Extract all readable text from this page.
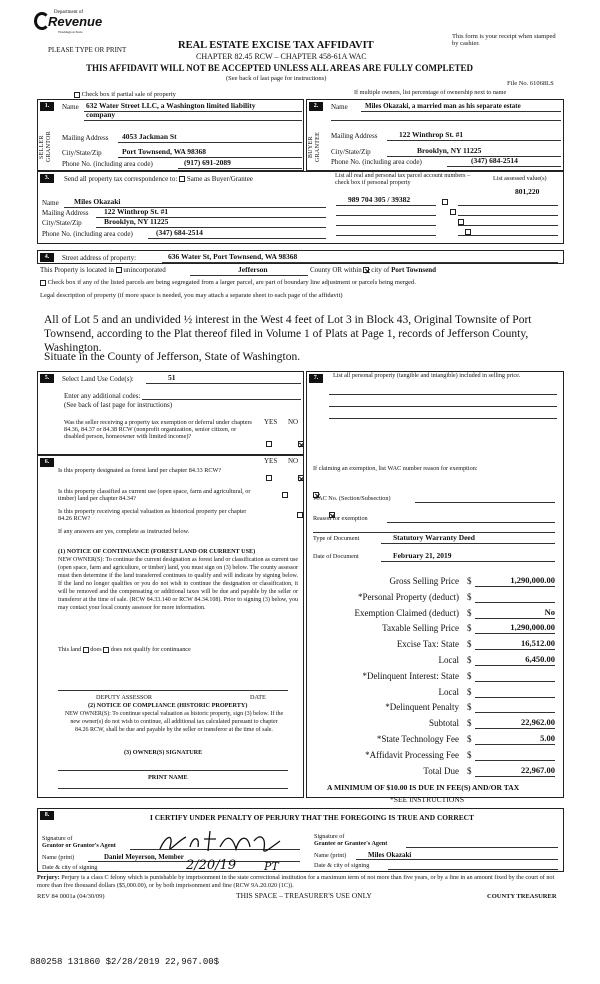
Department of
Revenue
Washington State
PLEASE TYPE OR PRINT	REAL ESTATE EXCISE TAX AFFIDAVIT
CHAPTER 82.45 RCW – CHAPTER 458-61A WAC
THIS AFFIDAVIT WILL NOT BE ACCEPTED UNLESS ALL AREAS ARE FULLY COMPLETED
(See back of last page for instructions)
This form is your receipt when stamped by cashier.
File No. 61068LS
Check box if partial sale of property	If multiple owners, list percentage of ownership next to name
1.
SELLER GRANTOR
Name 632 Water Street LLC, a Washington limited liability company
Mailing Address 4053 Jackman St
City/State/Zip	Port Townsend, WA 98368
Phone No. (including area code)	(917) 691-2089
2.
BUYER GRANTEE
Name Miles Okazaki, a married man as his separate estate
Mailing Address	122 Winthrop St. #1
City/State/Zip	Brooklyn, NY 11225
Phone No. (including area code)	(347) 684-2514
3.	Send all property tax correspondence to: Same as Buyer/Grantee	List all real and personal tax parcel account numbers – check box if personal property
List assessed value(s)
801,220
Name Miles Okazaki
Mailing Address 122 Winthrop St. #1
City/State/Zip	Brooklyn, NY 11225
Phone No. (including area code)	(347) 684-2514
989 704 305 / 39382

4.	Street address of property:	636 Water St, Port Townsend, WA 98368
This Property is located in unincorporated	Jefferson	County OR within city of Port Townsend
Check box if any of the listed parcels are being segregated from a larger parcel, are part of boundary line adjustment or parcels being merged.
Legal description of property (if more space is needed, you may attach a separate sheet to each page of the affidavit)
All of Lot 5 and an undivided ½ interest in the West 4 feet of Lot 3 in Block 43, Original Townsite of Port Townsend, according to the Plat thereof filed in Volume 1 of Plats at Page 1, records of Jefferson County, Washington.
Situate in the County of Jefferson, State of Washington.
5.	Select Land Use Code(s):	51
Enter any additional codes:
(See back of last page for instructions)
YES NO
Was the seller receiving a property tax exemption or deferral under chapters 84.36, 84.37 or 84.38 RCW (nonprofit organization, senior citizen, or disabled person, homeowner with limited income)?

6.	YES NO
Is this property designated as forest land per chapter 84.33 RCW?

Is this property classified as current use (open space, farm and agricultural, or timber) land per chapter 84.34?

Is this property receiving special valuation as historical property per chapter 84.26 RCW?

If any answers are yes, complete as instructed below.
(1) NOTICE OF CONTINUANCE (FOREST LAND OR CURRENT USE)
NEW OWNER(S): To continue the current designation as forest land or classification as current use (open space, farm and agriculture, or timber) land, you must sign on (3) below. The county assessor must then determine if the land transferred continues to qualify and will indicate by signing below. If the land no longer qualifies or you do not wish to continue the designation or classification, it will be removed and the compensating or additional taxes will be due and payable by the seller or transferor at the time of sale. (RCW 84.33.140 or RCW 84.34.108). Prior to signing (3) below, you may contact your local county assessor for more information.
This land does does not qualify for continuance
DEPUTY ASSESSOR	DATE
(2) NOTICE OF COMPLIANCE (HISTORIC PROPERTY)
NEW OWNER(S): To continue special valuation as historic property, sign (3) below. If the new owner(s) do not wish to continue, all additional tax calculated pursuant to chapter 84.26 RCW, shall be due and payable by the seller or transferor at the time of sale.
(3) OWNER(S) SIGNATURE
PRINT NAME
7.	List all personal property (tangible and intangible) included in selling price.
If claiming an exemption, list WAC number reason for exemption:
WAC No. (Section/Subsection)
Reason for exemption
Type of Document	Statutory Warranty Deed
Date of Document	February 21, 2019
Gross Selling Price $	1,290,000.00
*Personal Property (deduct) $
Exemption Claimed (deduct) $	No
Taxable Selling Price $	1,290,000.00
Excise Tax: State $	16,512.00
Local $	6,450.00
*Delinquent Interest: State $
Local $
*Delinquent Penalty $
Subtotal $	22,962.00
*State Technology Fee $	5.00
*Affidavit Processing Fee $
Total Due $	22,967.00
A MINIMUM OF $10.00 IS DUE IN FEE(S) AND/OR TAX
*SEE INSTRUCTIONS
8.	I CERTIFY UNDER PENALTY OF PERJURY THAT THE FOREGOING IS TRUE AND CORRECT
Signature of
Grantor or Grantor's Agent
Name (print)	Daniel Meyerson, Member
Date & city of signing	2/20/19	PT
Signature of
Grantee or Grantee's Agent
Name (print)	Miles Okazaki
Date & city of signing
Perjury: Perjury is a class C felony which is punishable by imprisonment in the state correctional institution for a maximum term of not more than five years, or by a fine in an amount fixed by the court of not more than five thousand dollars ($5,000.00), or by both imprisonment and fine (RCW 9A.20.020 (1C)).
REV 84 0001a (04/30/09)	THIS SPACE – TREASURER'S USE ONLY	COUNTY TREASURER
880258 131860 $2/28/2019 22,967.00$
